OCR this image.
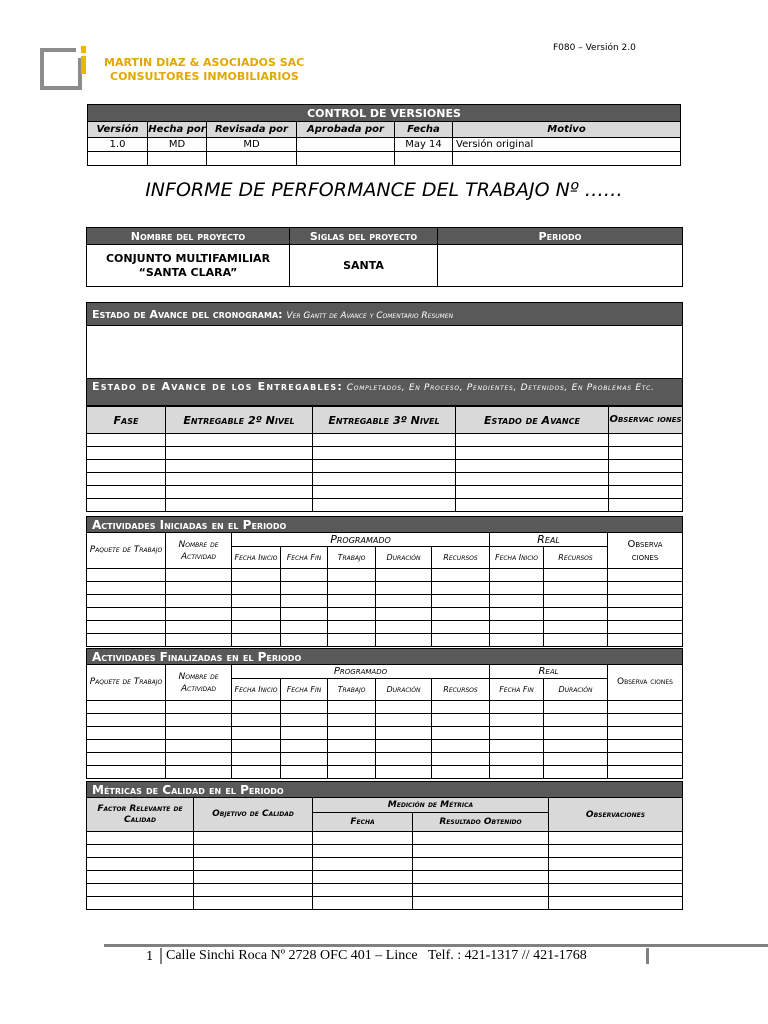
MARTIN DIAZ & ASOCIADOS SAC
CONSULTORES INMOBILIARIOS
F080 – Versión 2.0
CONTROL DE VERSIONES					
Versión	Hecha por	Revisada por	Aprobada por	Fecha	Motivo
1.0	MD	MD		May 14	Versión original

INFORME DE PERFORMANCE DEL TRABAJO Nº ……
Nombre del proyecto	Siglas del proyecto	Periodo
CONJUNTO MULTIFAMILIAR “SANTA CLARA”	SANTA	
Estado de Avance del cronograma: Ver Gantt de Avance y Comentario Resumen
Estado de Avance de los Entregables: Completados, En Proceso, Pendientes, Detenidos, En Problemas Etc.
Fase	Entregable 2º Nivel	Entregable 3º Nivel	Estado de Avance	Observac iones

Actividades Iniciadas en el Periodo									
Paquete de Trabajo	Nombre de Actividad	Programado					Real		Observa ciones
		Fecha Inicio	Fecha Fin	Trabajo	Duración	Recursos	Fecha Inicio	Recursos	

Actividades Finalizadas en el Periodo									
Paquete de Trabajo	Nombre de Actividad	Programado					Real		Observa ciones
		Fecha Inicio	Fecha Fin	Trabajo	Duración	Recursos	Fecha Fin	Duración	

Métricas de Calidad en el Periodo				
Factor Relevante de Calidad	Objetivo de Calidad	Medición de Métrica		Observaciones
		Fecha	Resultado Obtenido	

1 Calle Sinchi Roca Nº 2728 OFC 401 – Lince   Telf. : 421-1317 // 421-1768
